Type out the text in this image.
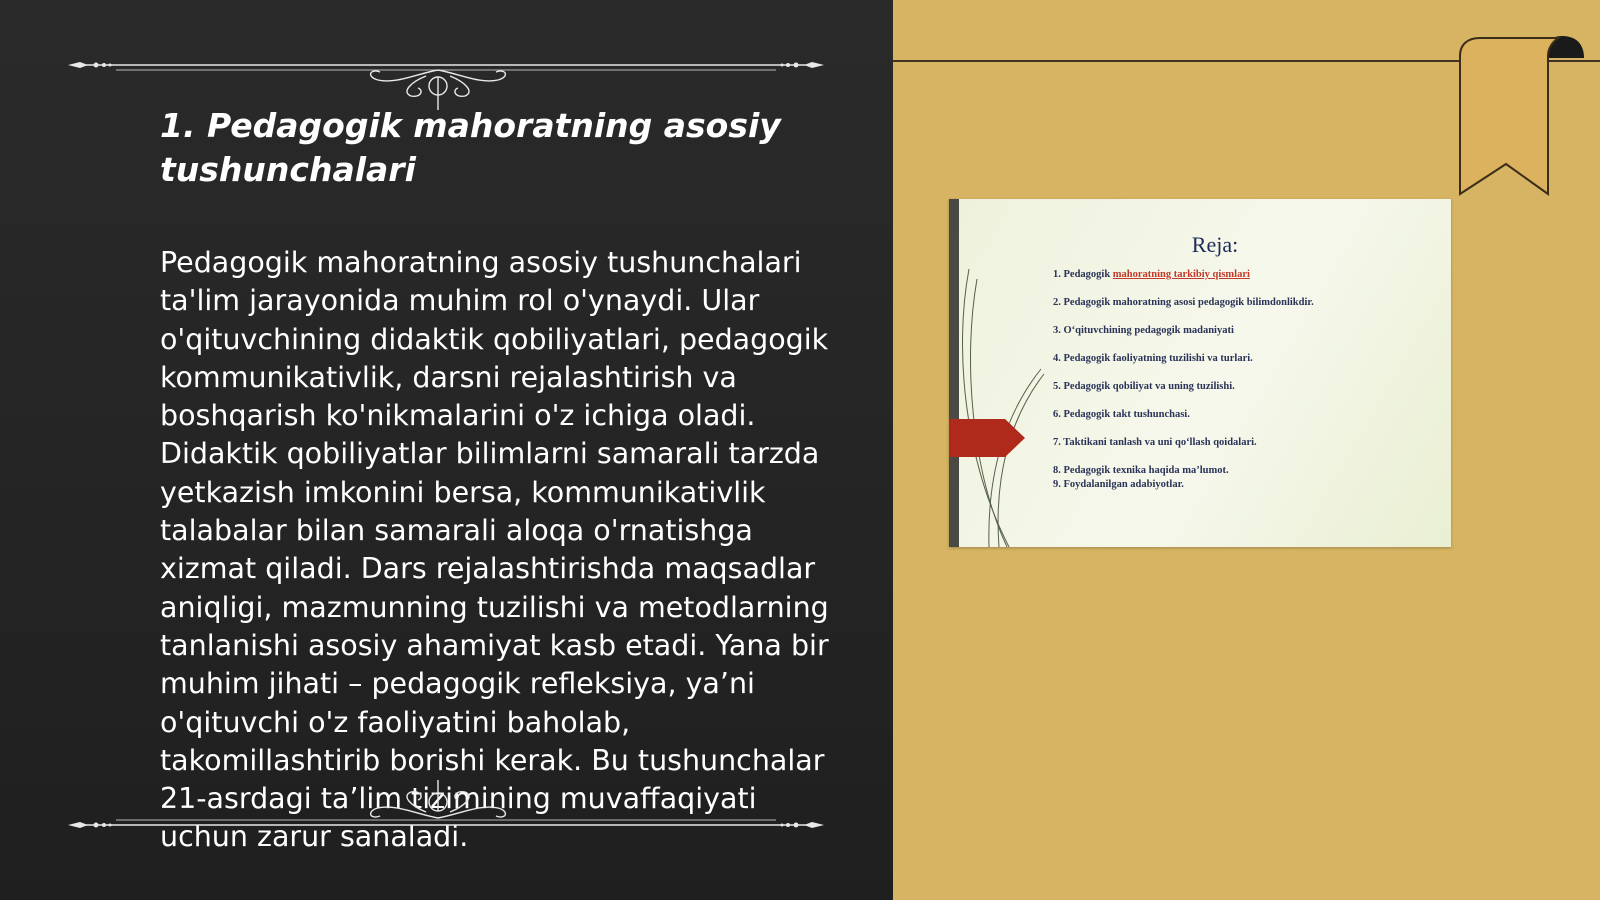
1. Pedagogik mahoratning asosiy tushunchalari

Pedagogik mahoratning asosiy tushunchalari ta'lim jarayonida muhim rol o'ynaydi. Ular o'qituvchining didaktik qobiliyatlari, pedagogik kommunikativlik, darsni rejalashtirish va boshqarish ko'nikmalarini o'z ichiga oladi. Didaktik qobiliyatlar bilimlarni samarali tarzda yetkazish imkonini bersa, kommunikativlik talabalar bilan samarali aloqa o'rnatishga xizmat qiladi. Dars rejalashtirishda maqsadlar aniqligi, mazmunning tuzilishi va metodlarning tanlanishi asosiy ahamiyat kasb etadi. Yana bir muhim jihati – pedagogik refleksiya, ya’ni o'qituvchi o'z faoliyatini baholab, takomillashtirib borishi kerak. Bu tushunchalar 21-asrdagi ta’lim tizimining muvaffaqiyati uchun zarur sanaladi.

Reja:
1. Pedagogik mahoratning tarkibiy qismlari
2. Pedagogik mahoratning asosi pedagogik bilimdonlikdir.
3. O‘qituvchining pedagogik madaniyati
4. Pedagogik faoliyatning tuzilishi va turlari.
5. Pedagogik qobiliyat va uning tuzilishi.
6. Pedagogik takt tushunchasi.
7. Taktikani tanlash va uni qo‘llash qoidalari.
8. Pedagogik texnika haqida ma’lumot.
9. Foydalanilgan adabiyotlar.
